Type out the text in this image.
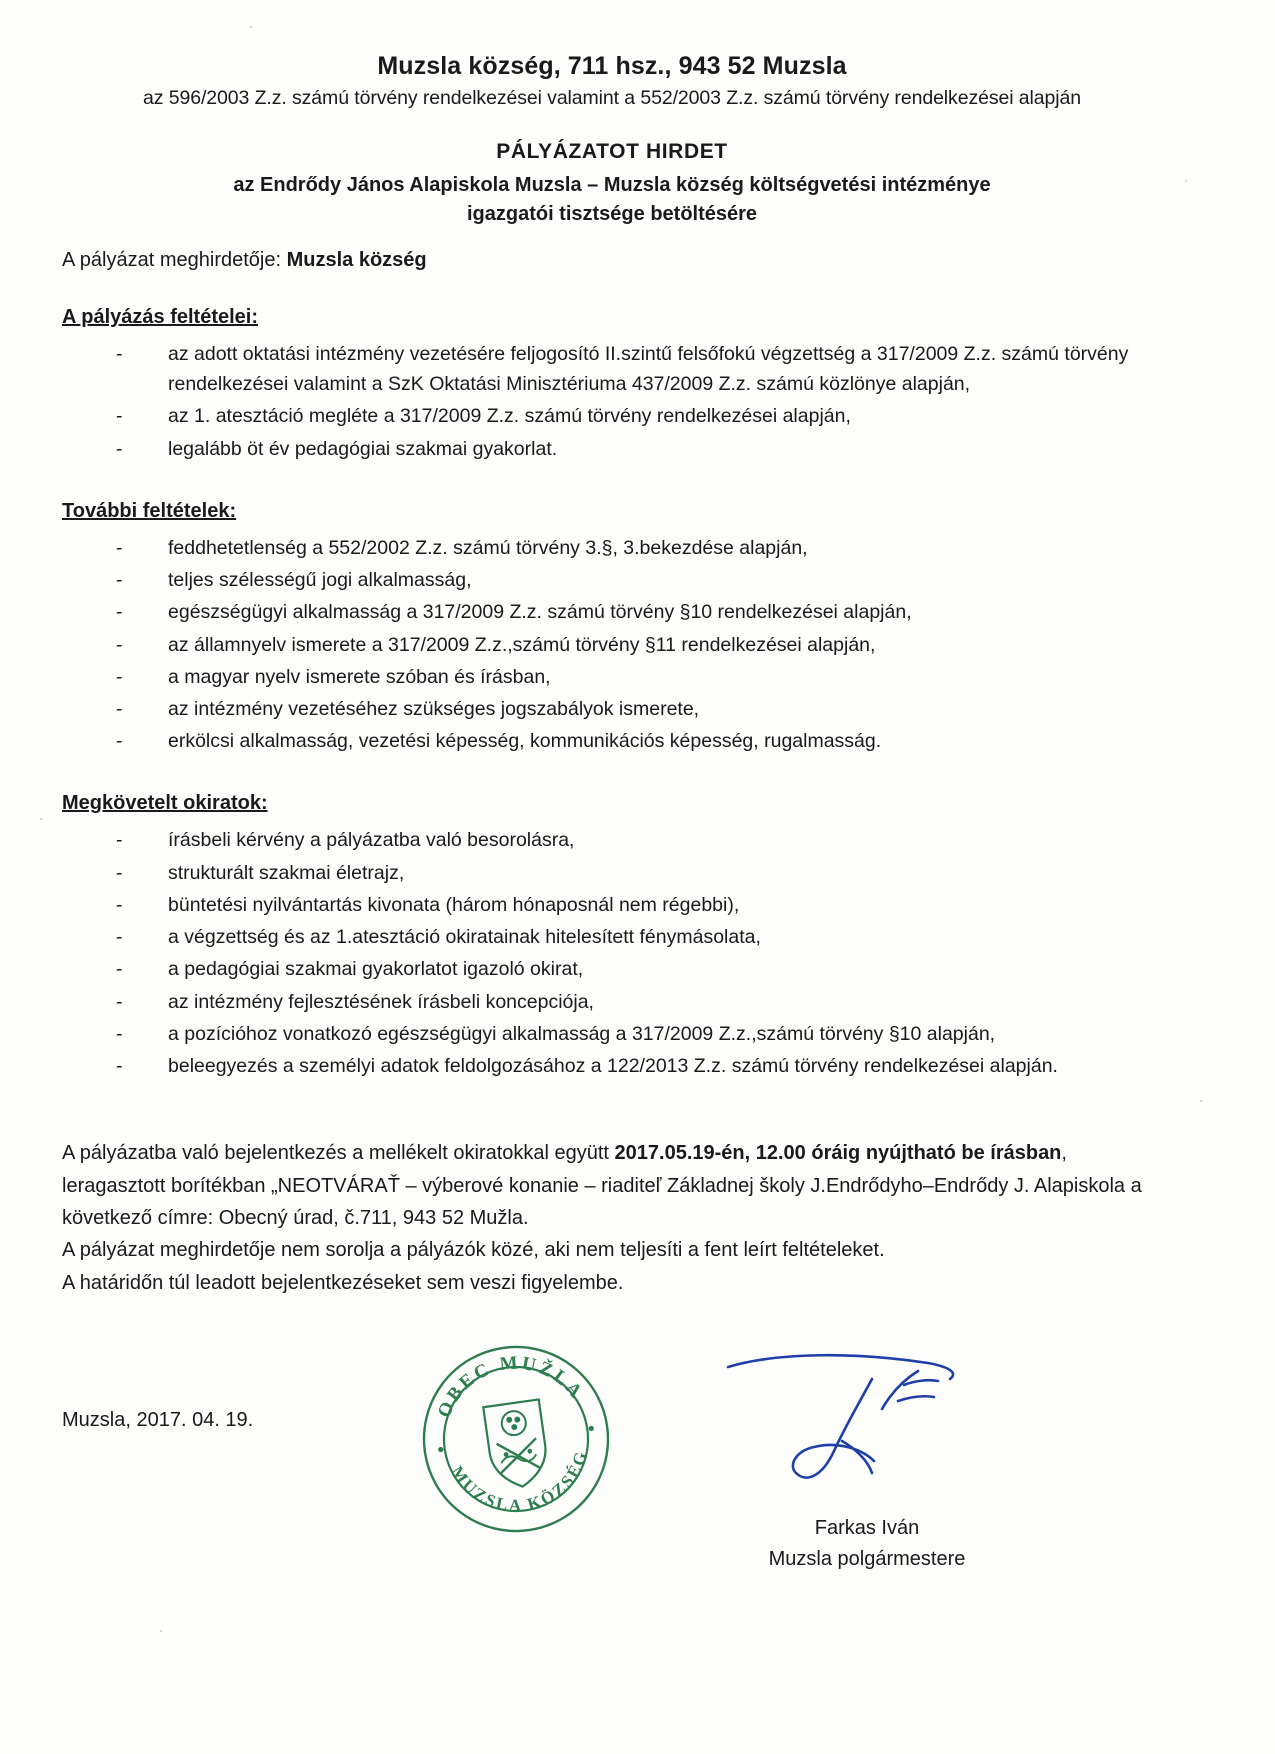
Muzsla község, 711 hsz., 943 52 Muzsla

az 596/2003 Z.z. számú törvény rendelkezései valamint a 552/2003 Z.z. számú törvény rendelkezései alapján

PÁLYÁZATOT HIRDET

az Endrődy János Alapiskola Muzsla – Muzsla község költségvetési intézménye

igazgatói tisztsége betöltésére

A pályázat meghirdetője: Muzsla község

A pályázás feltételei:

- az adott oktatási intézmény vezetésére feljogosító II.szintű felsőfokú végzettség a 317/2009 Z.z. számú törvény rendelkezései valamint a SzK Oktatási Minisztériuma 437/2009 Z.z. számú közlönye alapján,
- az 1. atesztáció megléte a 317/2009 Z.z. számú törvény rendelkezései alapján,
- legalább öt év pedagógiai szakmai gyakorlat.

További feltételek:

- feddhetetlenség a 552/2002 Z.z. számú törvény 3.§, 3.bekezdése alapján,
- teljes szélességű jogi alkalmasság,
- egészségügyi alkalmasság a 317/2009 Z.z. számú törvény §10 rendelkezései alapján,
- az államnyelv ismerete a 317/2009 Z.z.,számú törvény §11 rendelkezései alapján,
- a magyar nyelv ismerete szóban és írásban,
- az intézmény vezetéséhez szükséges jogszabályok ismerete,
- erkölcsi alkalmasság, vezetési képesség, kommunikációs képesség, rugalmasság.

Megkövetelt okiratok:

- írásbeli kérvény a pályázatba való besorolásra,
- strukturált szakmai életrajz,
- büntetési nyilvántartás kivonata (három hónaposnál nem régebbi),
- a végzettség és az 1.atesztáció okiratainak hitelesített fénymásolata,
- a pedagógiai szakmai gyakorlatot igazoló okirat,
- az intézmény fejlesztésének írásbeli koncepciója,
- a pozícióhoz vonatkozó egészségügyi alkalmasság a 317/2009 Z.z.,számú törvény §10 alapján,
- beleegyezés a személyi adatok feldolgozásához a 122/2013 Z.z. számú törvény rendelkezései alapján.

A pályázatba való bejelentkezés a mellékelt okiratokkal együtt 2017.05.19-én, 12.00 óráig nyújtható be írásban, leragasztott borítékban „NEOTVÁRAŤ – výberové konanie – riaditeľ Základnej školy J.Endrődyho–Endrődy J. Alapiskola a következő címre: Obecný úrad, č.711, 943 52 Mužla.

A pályázat meghirdetője nem sorolja a pályázók közé, aki nem teljesíti a fent leírt feltételeket.

A határidőn túl leadott bejelentkezéseket sem veszi figyelembe.

Muzsla, 2017. 04. 19.	OBEC MUŽLA
MUZSLA KÖZSÉG
Farkas Iván
Muzsla polgármestere
